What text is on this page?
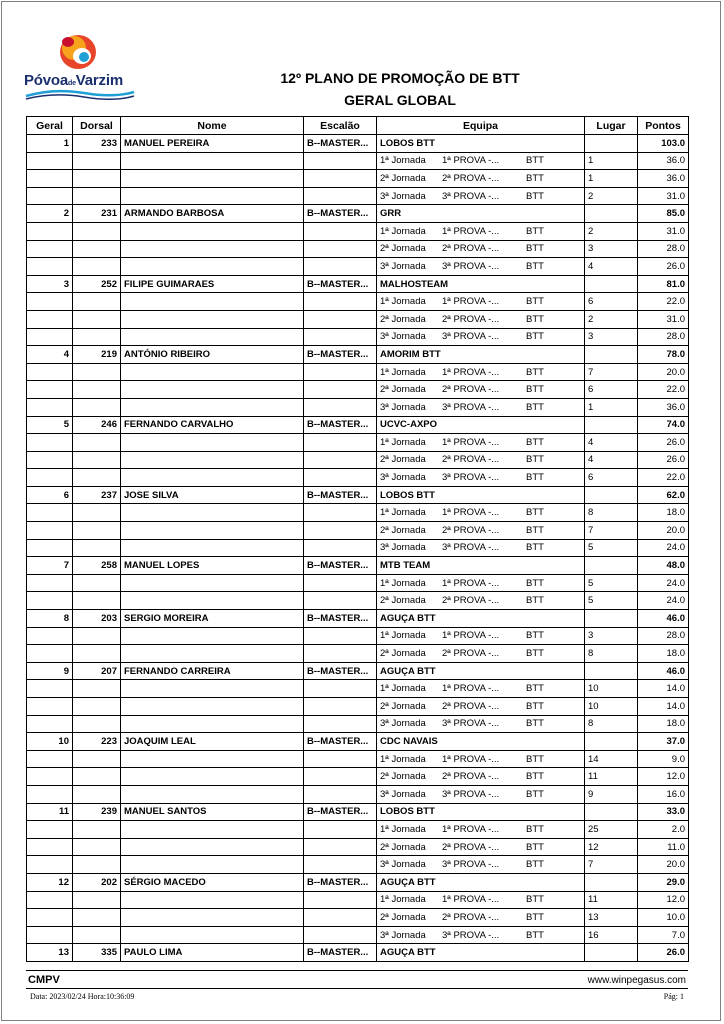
PóvoadeVarzim	12º PLANO DE PROMOÇÃO DE BTT
GERAL GLOBAL
Geral	Dorsal	Nome	Escalão	Equipa	Lugar	Pontos
1	233	MANUEL PEREIRA	B--MASTER...	LOBOS BTT		103.0

				1ª Jornada 1ª PROVA -... BTT	1	36.0

				2ª Jornada 2ª PROVA -... BTT	1	36.0

				3ª Jornada 3ª PROVA -... BTT	2	31.0
2	231	ARMANDO BARBOSA	B--MASTER...	GRR		85.0

				1ª Jornada 1ª PROVA -... BTT	2	31.0

				2ª Jornada 2ª PROVA -... BTT	3	28.0

				3ª Jornada 3ª PROVA -... BTT	4	26.0
3	252	FILIPE GUIMARAES	B--MASTER...	MALHOSTEAM		81.0

				1ª Jornada 1ª PROVA -... BTT	6	22.0

				2ª Jornada 2ª PROVA -... BTT	2	31.0

				3ª Jornada 3ª PROVA -... BTT	3	28.0
4	219	ANTÓNIO RIBEIRO	B--MASTER...	AMORIM BTT		78.0

				1ª Jornada 1ª PROVA -... BTT	7	20.0

				2ª Jornada 2ª PROVA -... BTT	6	22.0

				3ª Jornada 3ª PROVA -... BTT	1	36.0
5	246	FERNANDO CARVALHO	B--MASTER...	UCVC-AXPO		74.0

				1ª Jornada 1ª PROVA -... BTT	4	26.0

				2ª Jornada 2ª PROVA -... BTT	4	26.0

				3ª Jornada 3ª PROVA -... BTT	6	22.0
6	237	JOSE SILVA	B--MASTER...	LOBOS BTT		62.0

				1ª Jornada 1ª PROVA -... BTT	8	18.0

				2ª Jornada 2ª PROVA -... BTT	7	20.0

				3ª Jornada 3ª PROVA -... BTT	5	24.0
7	258	MANUEL LOPES	B--MASTER...	MTB TEAM		48.0

				1ª Jornada 1ª PROVA -... BTT	5	24.0

				2ª Jornada 2ª PROVA -... BTT	5	24.0
8	203	SERGIO MOREIRA	B--MASTER...	AGUÇA BTT		46.0

				1ª Jornada 1ª PROVA -... BTT	3	28.0

				2ª Jornada 2ª PROVA -... BTT	8	18.0
9	207	FERNANDO CARREIRA	B--MASTER...	AGUÇA BTT		46.0

				1ª Jornada 1ª PROVA -... BTT	10	14.0

				2ª Jornada 2ª PROVA -... BTT	10	14.0

				3ª Jornada 3ª PROVA -... BTT	8	18.0
10	223	JOAQUIM LEAL	B--MASTER...	CDC NAVAIS		37.0

				1ª Jornada 1ª PROVA -... BTT	14	9.0

				2ª Jornada 2ª PROVA -... BTT	11	12.0

				3ª Jornada 3ª PROVA -... BTT	9	16.0
11	239	MANUEL SANTOS	B--MASTER...	LOBOS BTT		33.0

				1ª Jornada 1ª PROVA -... BTT	25	2.0

				2ª Jornada 2ª PROVA -... BTT	12	11.0

				3ª Jornada 3ª PROVA -... BTT	7	20.0
12	202	SÉRGIO MACEDO	B--MASTER...	AGUÇA BTT		29.0

				1ª Jornada 1ª PROVA -... BTT	11	12.0

				2ª Jornada 2ª PROVA -... BTT	13	10.0

				3ª Jornada 3ª PROVA -... BTT	16	7.0
13	335	PAULO LIMA	B--MASTER...	AGUÇA BTT		26.0
CMPV	www.winpegasus.com
Data: 2023/02/24 Hora:10:36:09	Pág: 1
